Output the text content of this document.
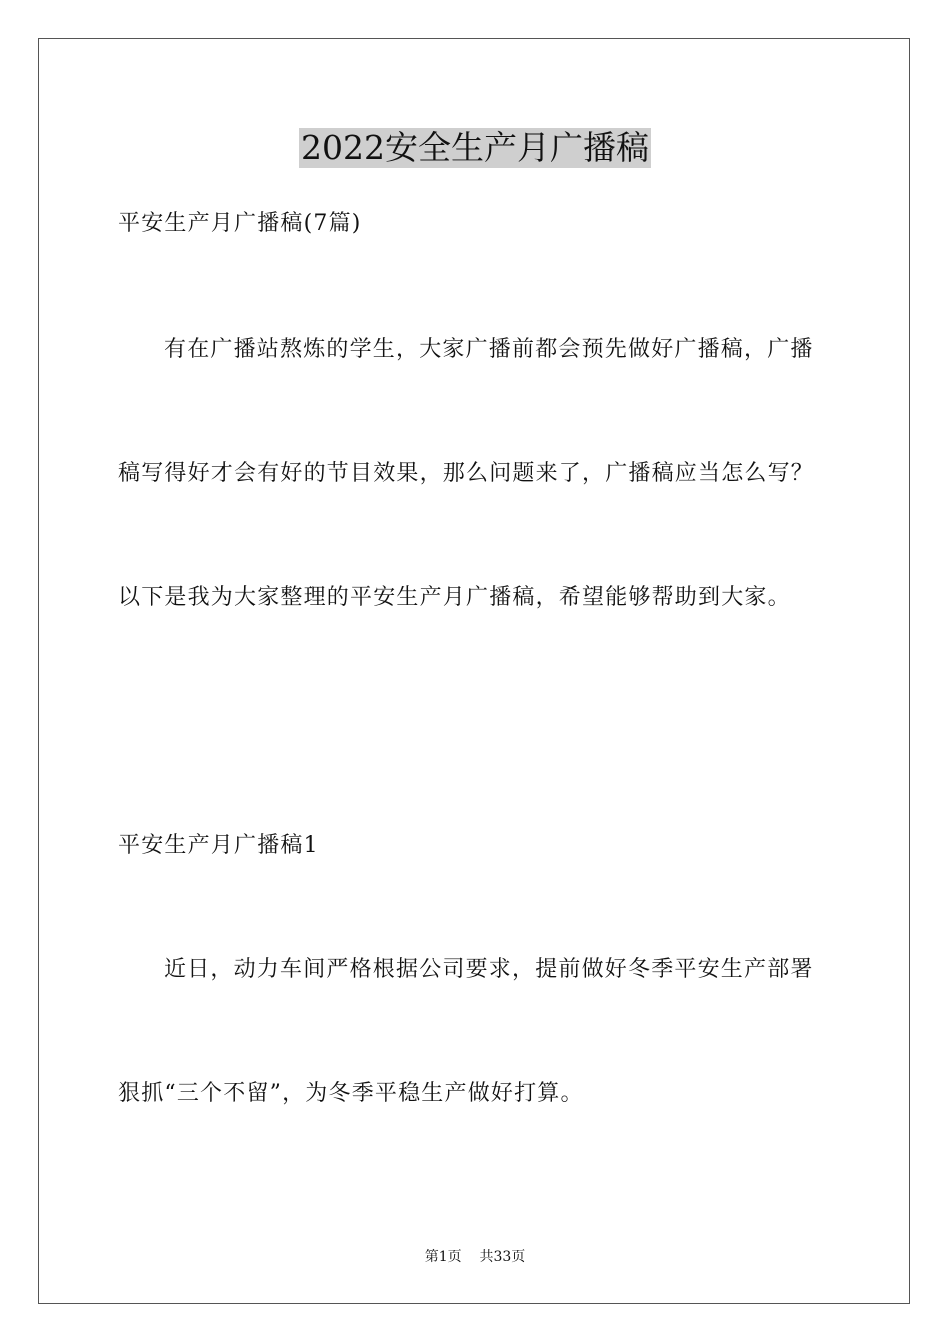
2022安全生产月广播稿
平安生产月广播稿(7篇)
有在广播站熬炼的学生，大家广播前都会预先做好广播稿，广播
稿写得好才会有好的节目效果，那么问题来了，广播稿应当怎么写？
以下是我为大家整理的平安生产月广播稿，希望能够帮助到大家。
平安生产月广播稿1
近日，动力车间严格根据公司要求，提前做好冬季平安生产部署
狠抓“三个不留”，为冬季平稳生产做好打算。
第1页 共33页
